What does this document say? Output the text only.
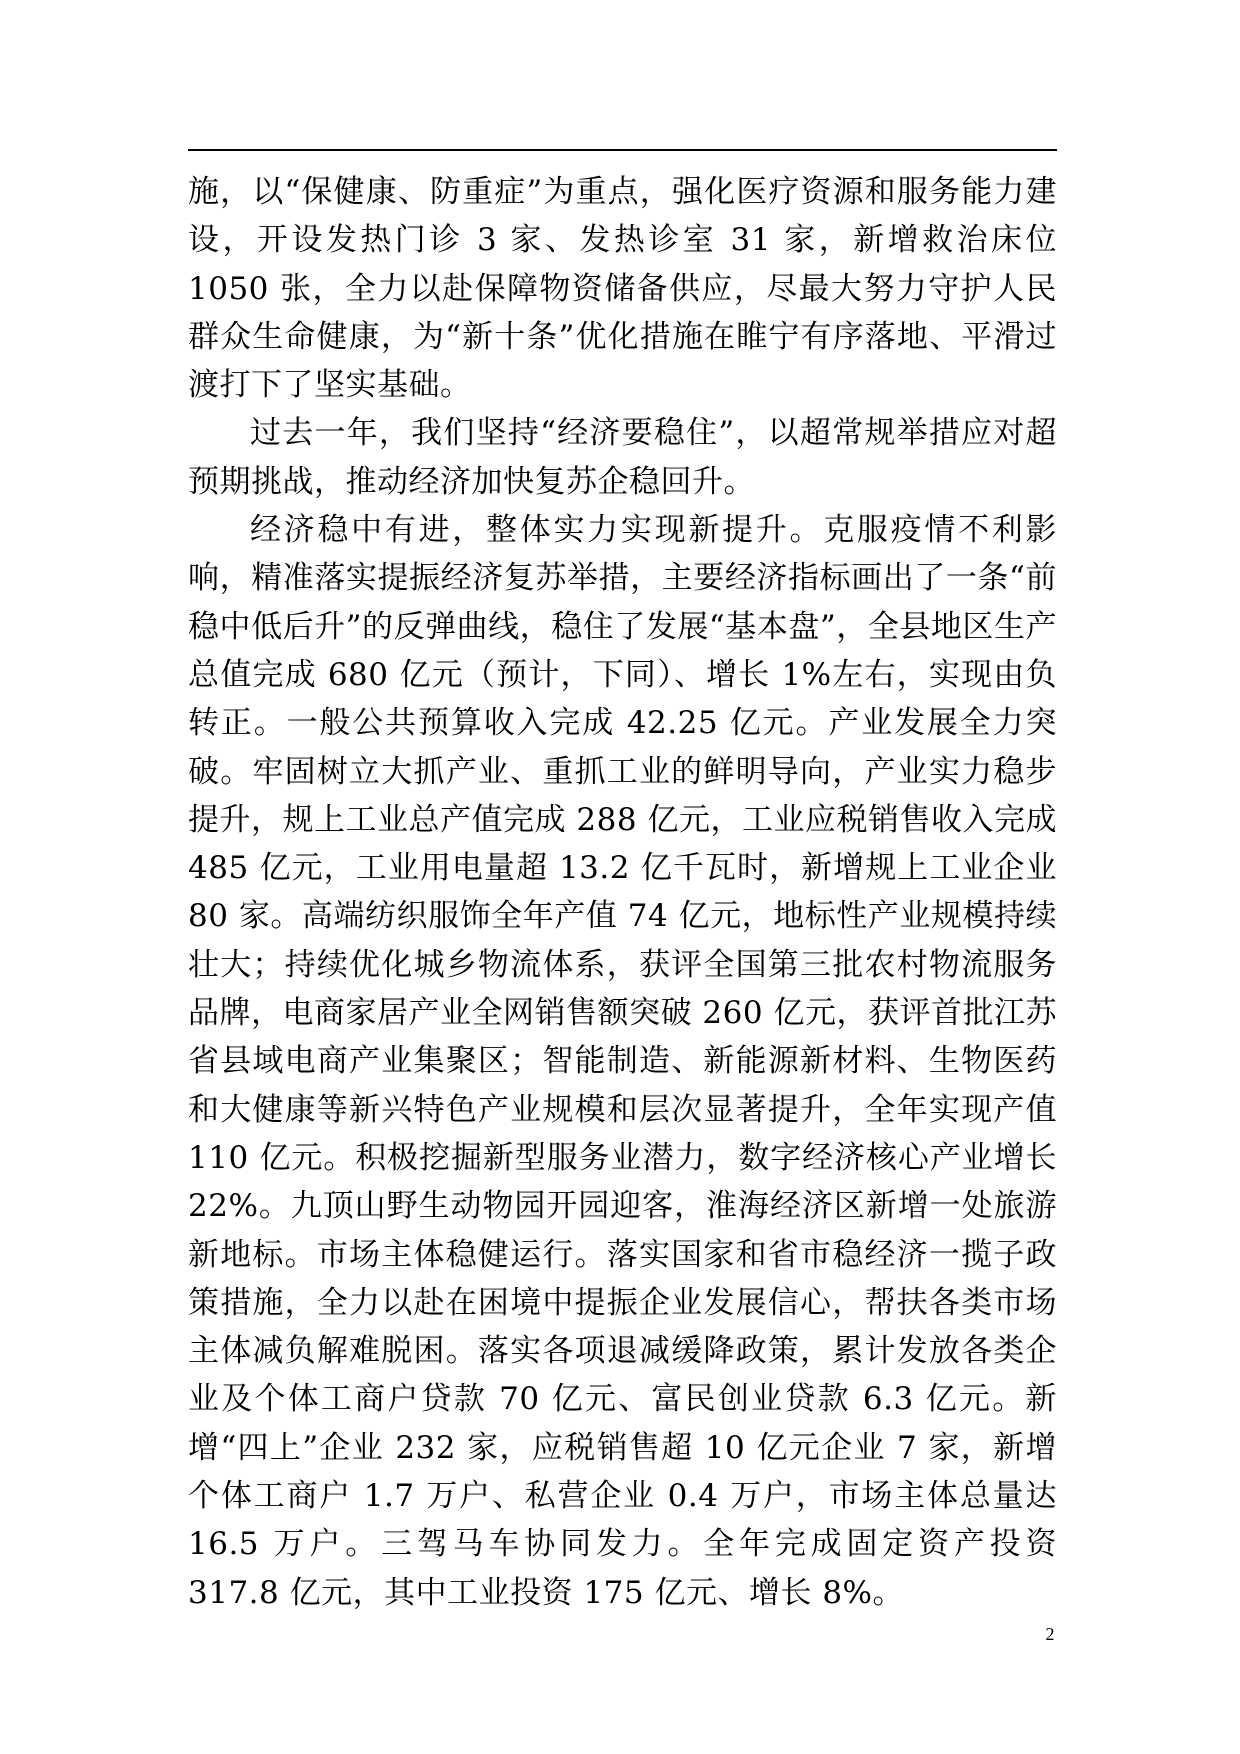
施，以“保健康、防重症”为重点，强化医疗资源和服务能力建设，开设发热门诊 3 家、发热诊室 31 家，新增救治床位 1050 张，全力以赴保障物资储备供应，尽最大努力守护人民群众生命健康，为“新十条”优化措施在睢宁有序落地、平滑过渡打下了坚实基础。

过去一年，我们坚持“经济要稳住”，以超常规举措应对超预期挑战，推动经济加快复苏企稳回升。

经济稳中有进，整体实力实现新提升。克服疫情不利影响，精准落实提振经济复苏举措，主要经济指标画出了一条“前稳中低后升”的反弹曲线，稳住了发展“基本盘”，全县地区生产总值完成 680 亿元（预计，下同）、增长 1%左右，实现由负转正。一般公共预算收入完成 42.25 亿元。产业发展全力突破。牢固树立大抓产业、重抓工业的鲜明导向，产业实力稳步提升，规上工业总产值完成 288 亿元，工业应税销售收入完成 485 亿元，工业用电量超 13.2 亿千瓦时，新增规上工业企业 80 家。高端纺织服饰全年产值 74 亿元，地标性产业规模持续壮大；持续优化城乡物流体系，获评全国第三批农村物流服务品牌，电商家居产业全网销售额突破 260 亿元，获评首批江苏省县域电商产业集聚区；智能制造、新能源新材料、生物医药和大健康等新兴特色产业规模和层次显著提升，全年实现产值 110 亿元。积极挖掘新型服务业潜力，数字经济核心产业增长 22%。九顶山野生动物园开园迎客，淮海经济区新增一处旅游新地标。市场主体稳健运行。落实国家和省市稳经济一揽子政策措施，全力以赴在困境中提振企业发展信心，帮扶各类市场主体减负解难脱困。落实各项退减缓降政策，累计发放各类企业及个体工商户贷款 70 亿元、富民创业贷款 6.3 亿元。新增“四上”企业 232 家，应税销售超 10 亿元企业 7 家，新增个体工商户 1.7 万户、私营企业 0.4 万户，市场主体总量达 16.5 万户。三驾马车协同发力。全年完成固定资产投资 317.8 亿元，其中工业投资 175 亿元、增长 8%。

2
